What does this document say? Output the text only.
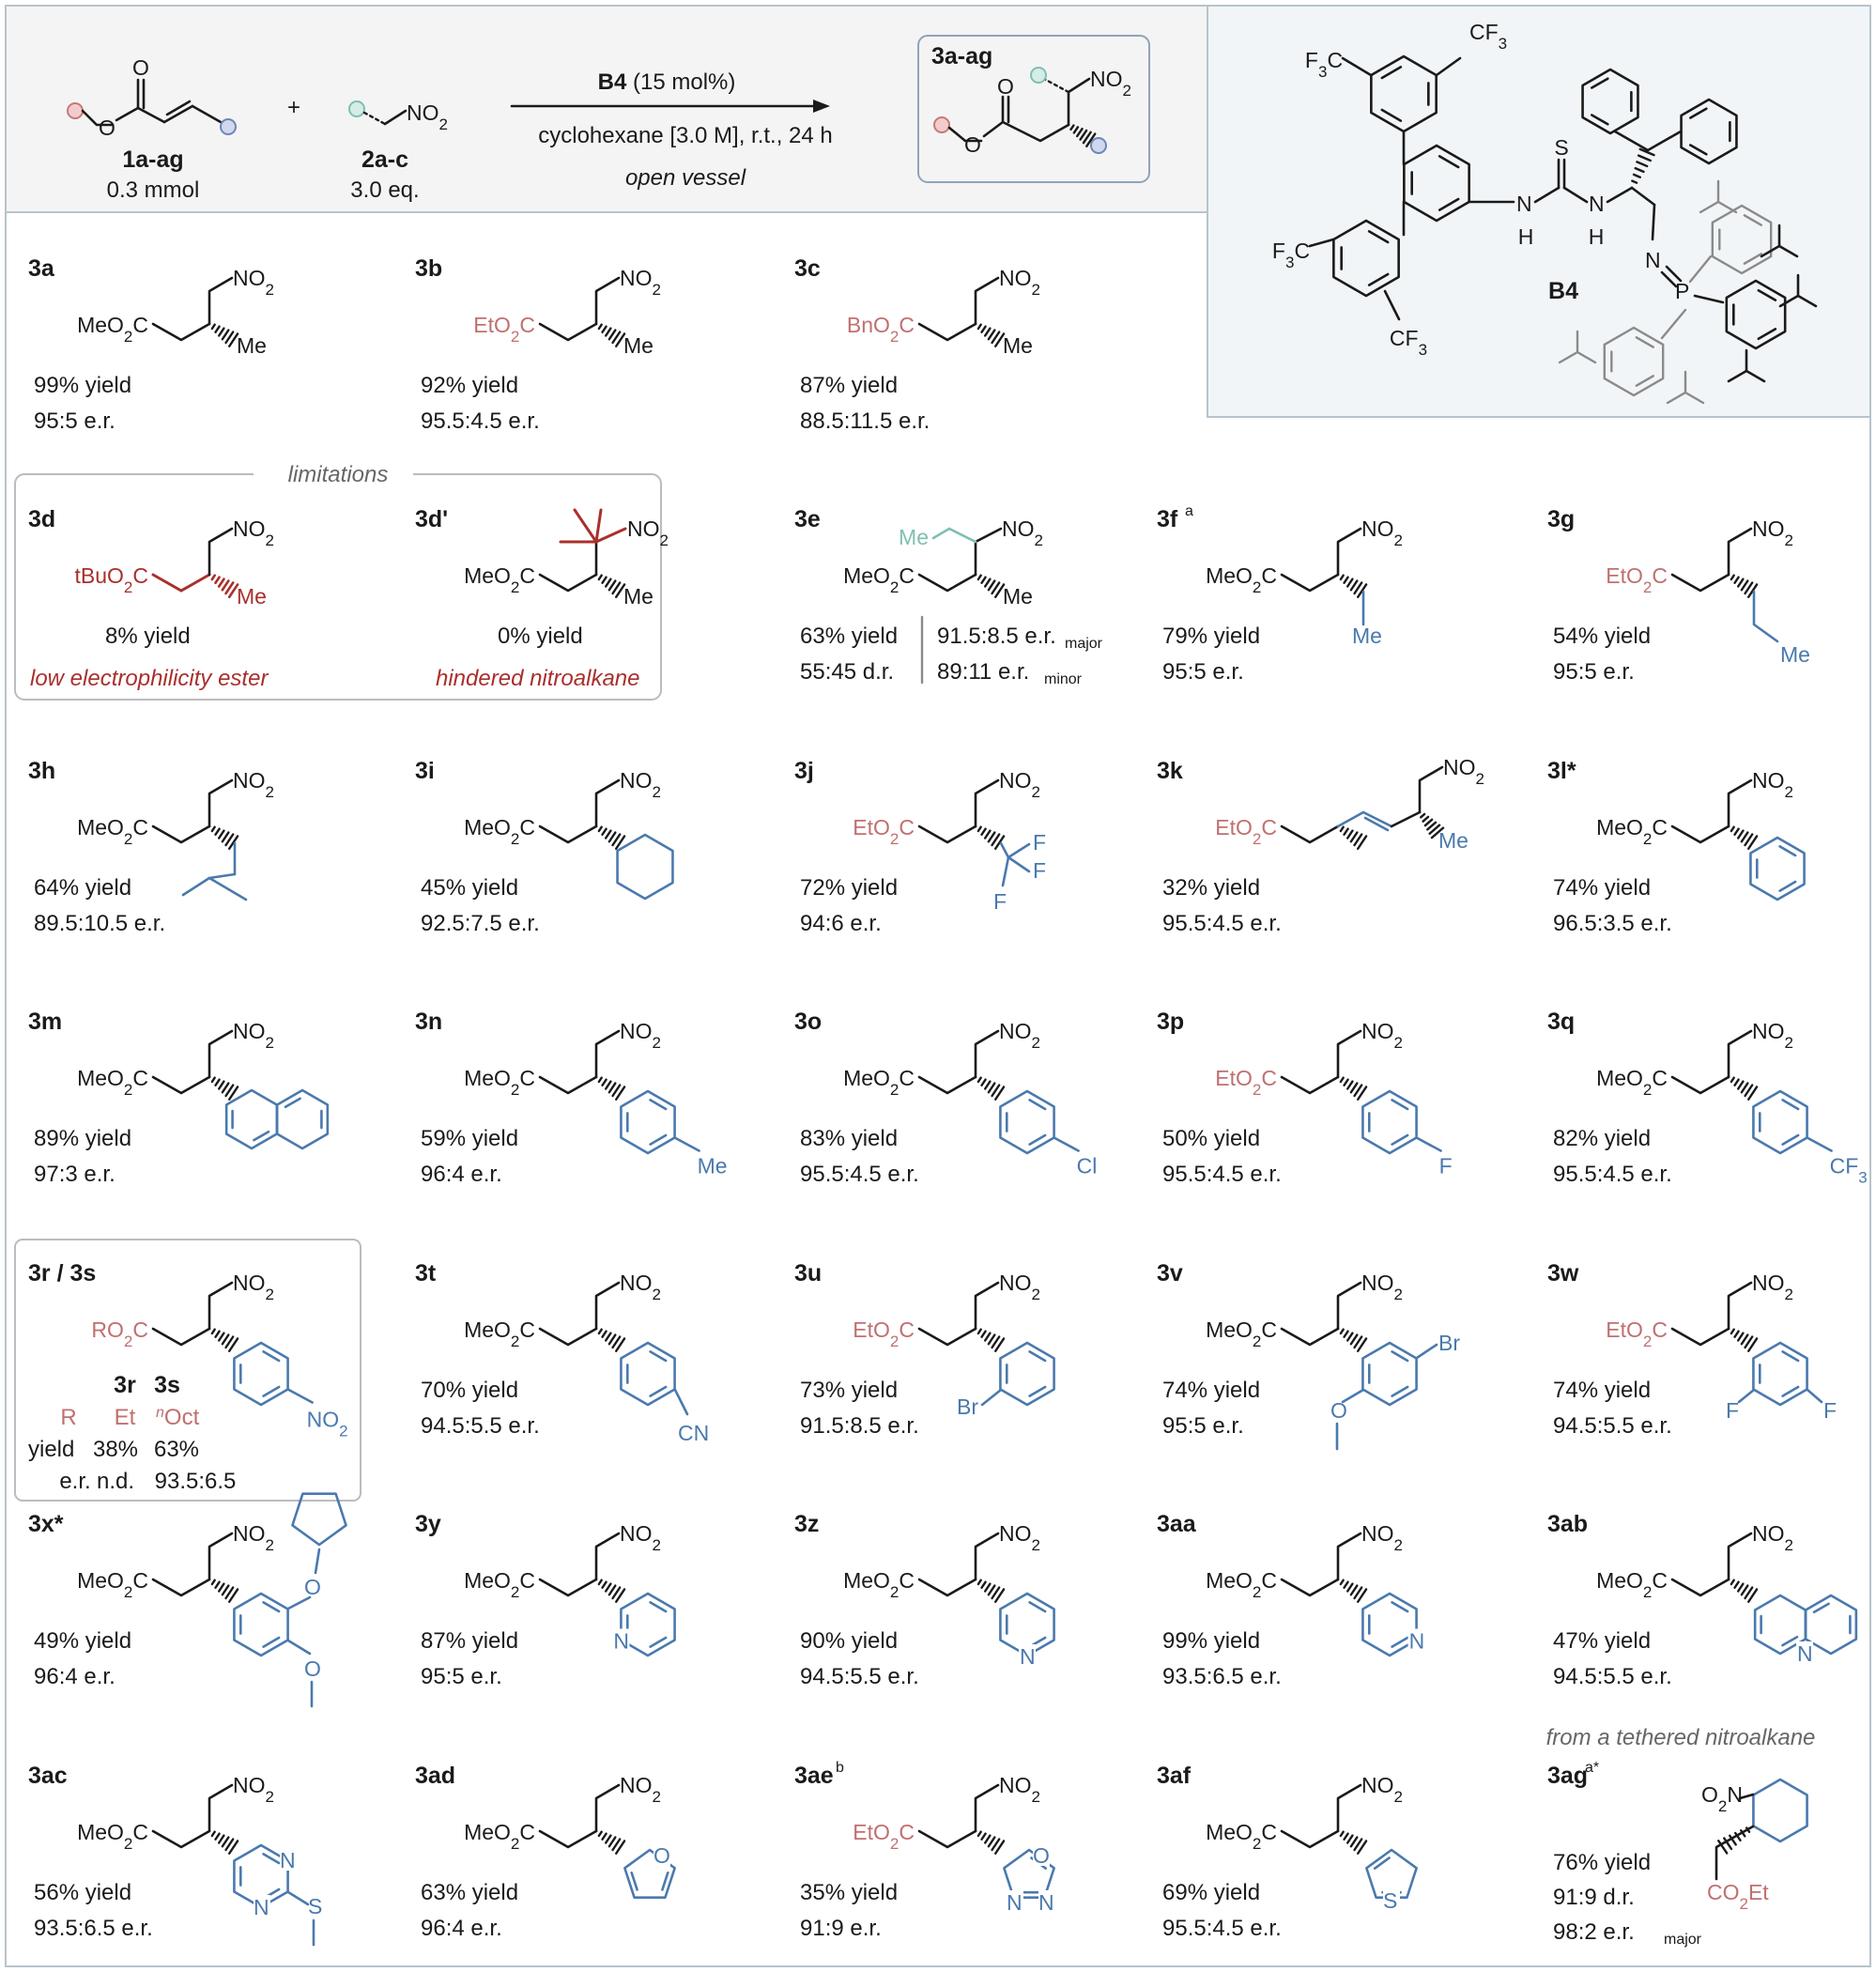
O
O
1a-ag
0.3 mmol
+	$NO_2$
2a-c
3.0 eq.
B4 (15 mol%)
cyclohexane [3.0 M], r.t., 24 h
open vessel
3a-ag
O
O	$NO_2$
$F_3C$
$CF_3$
$F_3C$
$CF_3$
N
H
S
N
H
N
P
B4
3a
MeO$_2$C
$NO_2$
Me
99% yield
95:5 e.r.
3b
EtO$_2$C
$NO_2$
Me
92% yield
95.5:4.5 e.r.
3c
BnO$_2$C
$NO_2$
Me
87% yield
88.5:11.5 e.r.
limitations
3d
tBuO$_2$C
$NO_2$
Me
8% yield
low electrophilicity ester
3d'
MeO$_2$C
Me
$NO_2$
0% yield
hindered nitroalkane
3e
MeO$_2$C
Me
$NO_2$
Me
63% yield
55:45 d.r.
91.5:8.5 e.r. major
89:11 e.r. minor
3f a
MeO$_2$C
$NO_2$
79% yield
95:5 e.r.
Me
3g
EtO$_2$C
$NO_2$
54% yield
95:5 e.r.
Me
3h
MeO$_2$C
$NO_2$
64% yield
89.5:10.5 e.r.
3i
MeO$_2$C
$NO_2$
45% yield
92.5:7.5 e.r.
3j
EtO$_2$C
$NO_2$
72% yield
94:6 e.r.
F
F
F
3k
EtO$_2$C
32% yield
95.5:4.5 e.r.
$NO_2$
Me
3l*
MeO$_2$C
$NO_2$
74% yield
96.5:3.5 e.r.
3m
MeO$_2$C
$NO_2$
89% yield
97:3 e.r.
3n
MeO$_2$C
$NO_2$
59% yield
96:4 e.r.	Me
3o
MeO$_2$C
$NO_2$
83% yield
95.5:4.5 e.r.	Cl
3p
EtO$_2$C
$NO_2$
50% yield
95.5:4.5 e.r.	F
3q
MeO$_2$C
$NO_2$
82% yield
95.5:4.5 e.r.	$CF_3$
3r 3s
R Et $^n$Oct
yield 38% 63%
e.r. n.d. 93.5:6.5
3r / 3s
$RO_2C$
$NO_2$
$NO_2$
3t
MeO$_2$C
$NO_2$
70% yield
94.5:5.5 e.r.	CN
3u
EtO$_2$C
$NO_2$
73% yield
91.5:8.5 e.r.
Br
3v
MeO$_2$C
$NO_2$
74% yield
95:5 e.r.
Br
O
3w
EtO$_2$C
$NO_2$
74% yield
94.5:5.5 e.r.
F	F
3x*
MeO$_2$C
$NO_2$
49% yield
96:4 e.r.
O
O
3y
MeO$_2$C
$NO_2$
87% yield
95:5 e.r.
N
3z
MeO$_2$C
$NO_2$
90% yield
94.5:5.5 e.r.
N
3aa
MeO$_2$C
$NO_2$
99% yield
93.5:6.5 e.r.
N
3ab
MeO$_2$C
$NO_2$
47% yield
94.5:5.5 e.r.
N
3ac
MeO$_2$C
$NO_2$
56% yield
93.5:6.5 e.r.
N
N S
3ad
MeO$_2$C
$NO_2$
63% yield
96:4 e.r.
O
3ae b
EtO$_2$C
$NO_2$
35% yield
91:9 e.r.
O
N N
3af
MeO$_2$C
$NO_2$
69% yield
95.5:4.5 e.r.
S
from a tethered nitroalkane
3ag
a*
$O_2N$
$CO_2Et$
76% yield
91:9 d.r.
98:2 e.r. major
